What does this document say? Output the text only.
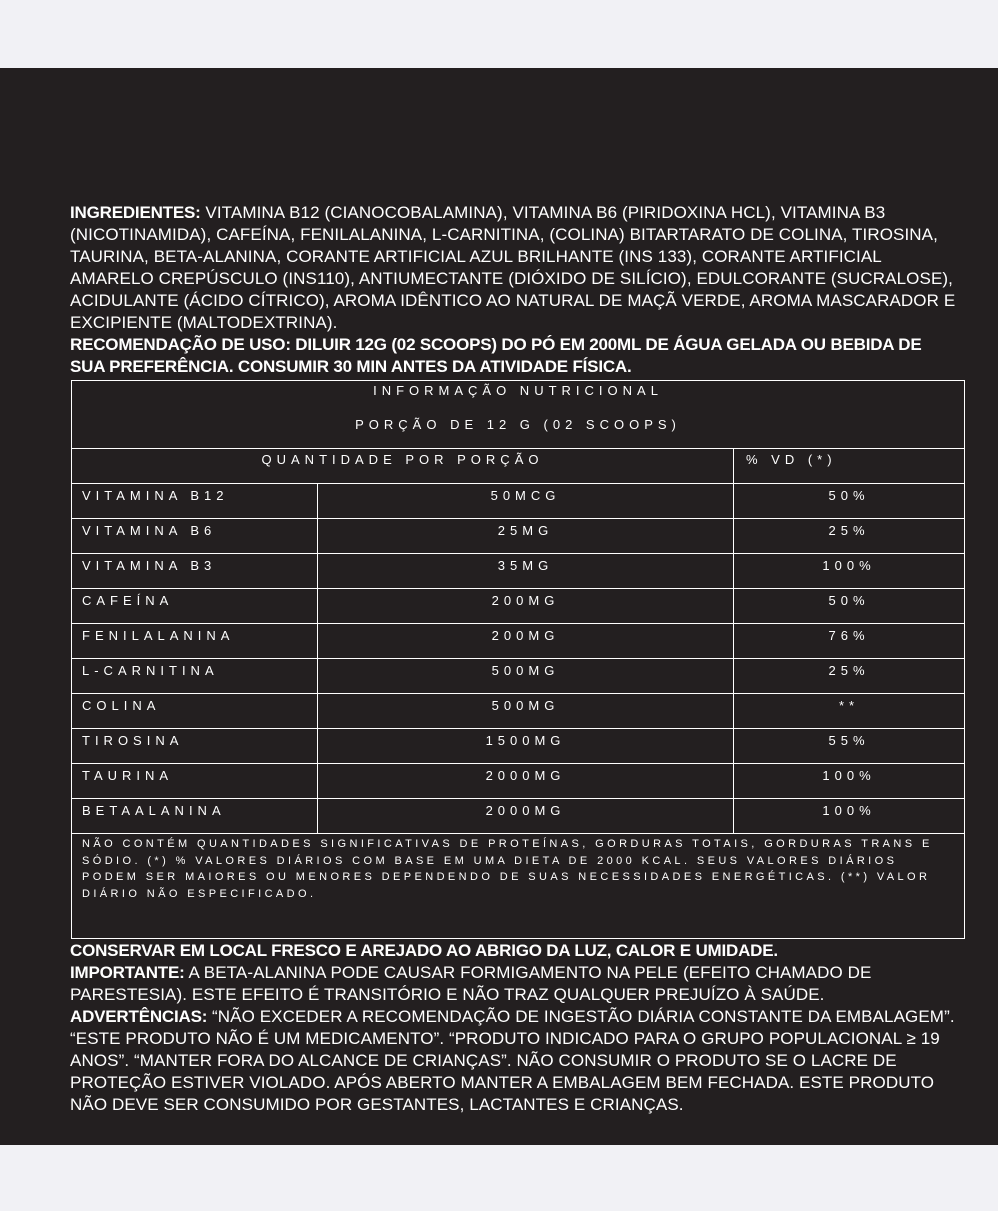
INGREDIENTES: VITAMINA B12 (CIANOCOBALAMINA), VITAMINA B6 (PIRIDOXINA HCL), VITAMINA B3 (NICOTINAMIDA), CAFEÍNA, FENILALANINA, L-CARNITINA, (COLINA) BITARTARATO DE COLINA, TIROSINA, TAURINA, BETA-ALANINA, CORANTE ARTIFICIAL AZUL BRILHANTE (INS 133), CORANTE ARTIFICIAL AMARELO CREPÚSCULO (INS110), ANTIUMECTANTE (DIÓXIDO DE SILÍCIO), EDULCORANTE (SUCRALOSE), ACIDULANTE (ÁCIDO CÍTRICO), AROMA IDÊNTICO AO NATURAL DE MAÇÃ VERDE, AROMA MASCARADOR E EXCIPIENTE (MALTODEXTRINA).

RECOMENDAÇÃO DE USO: DILUIR 12G (02 SCOOPS) DO PÓ EM 200ML DE ÁGUA GELADA OU BEBIDA DE SUA PREFERÊNCIA. CONSUMIR 30 MIN ANTES DA ATIVIDADE FÍSICA.

INFORMAÇÃO NUTRICIONAL
PORÇÃO DE 12 G (02 SCOOPS)
QUANTIDADE POR PORÇÃO	% VD (*)
VITAMINA B12	50MCG	50%
VITAMINA B6	25MG	25%
VITAMINA B3	35MG	100%
CAFEÍNA	200MG	50%
FENILALANINA	200MG	76%
L-CARNITINA	500MG	25%
COLINA	500MG	**
TIROSINA	1500MG	55%
TAURINA	2000MG	100%
BETAALANINA	2000MG	100%
NÃO CONTÉM QUANTIDADES SIGNIFICATIVAS DE PROTEÍNAS, GORDURAS TOTAIS, GORDURAS TRANS E SÓDIO. (*) % VALORES DIÁRIOS COM BASE EM UMA DIETA DE 2000 KCAL. SEUS VALORES DIÁRIOS PODEM SER MAIORES OU MENORES DEPENDENDO DE SUAS NECESSIDADES ENERGÉTICAS. (**) VALOR DIÁRIO NÃO ESPECIFICADO.

CONSERVAR EM LOCAL FRESCO E AREJADO AO ABRIGO DA LUZ, CALOR E UMIDADE.

IMPORTANTE: A BETA-ALANINA PODE CAUSAR FORMIGAMENTO NA PELE (EFEITO CHAMADO DE PARESTESIA). ESTE EFEITO É TRANSITÓRIO E NÃO TRAZ QUALQUER PREJUÍZO À SAÚDE.

ADVERTÊNCIAS: “NÃO EXCEDER A RECOMENDAÇÃO DE INGESTÃO DIÁRIA CONSTANTE DA EMBALAGEM”. “ESTE PRODUTO NÃO É UM MEDICAMENTO”. “PRODUTO INDICADO PARA O GRUPO POPULACIONAL ≥ 19 ANOS”. “MANTER FORA DO ALCANCE DE CRIANÇAS”. NÃO CONSUMIR O PRODUTO SE O LACRE DE PROTEÇÃO ESTIVER VIOLADO. APÓS ABERTO MANTER A EMBALAGEM BEM FECHADA. ESTE PRODUTO NÃO DEVE SER CONSUMIDO POR GESTANTES, LACTANTES E CRIANÇAS.
